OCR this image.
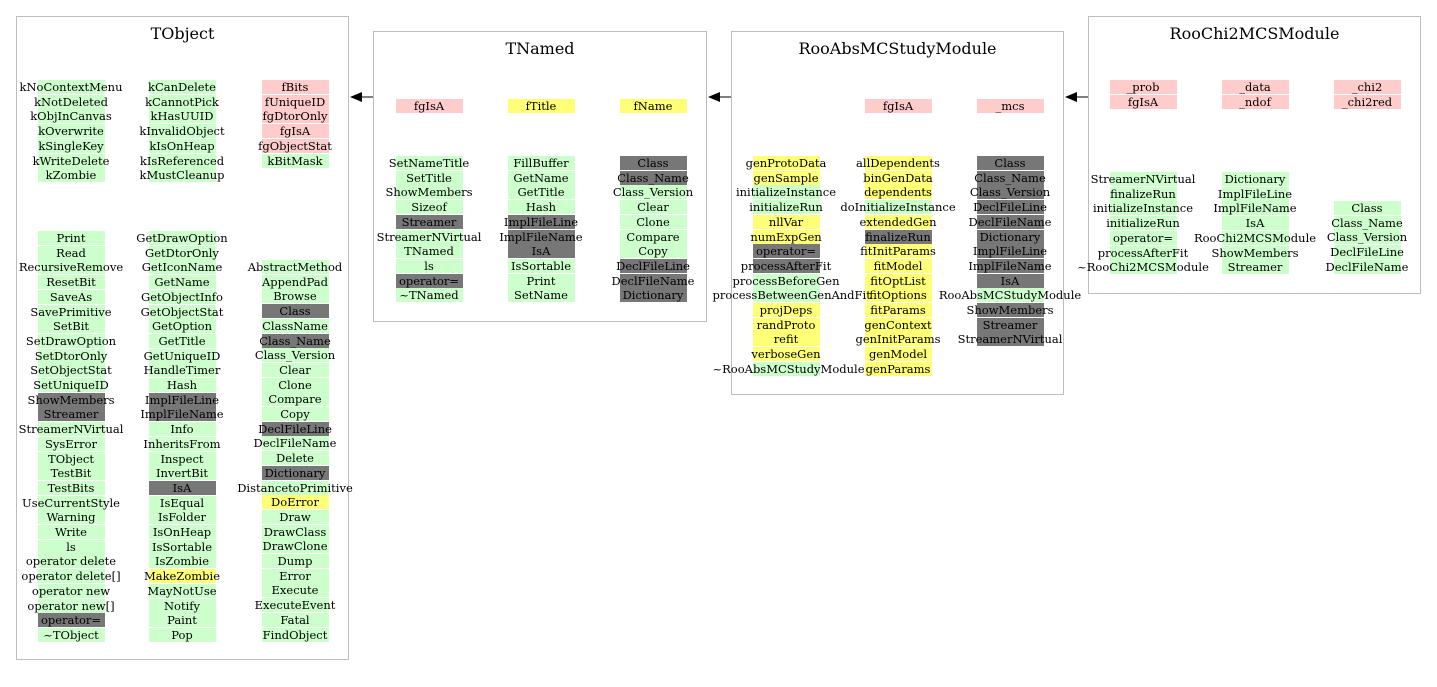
TObject
kNoContextMenu
kNotDeleted
kObjInCanvas
kOverwrite
kSingleKey
kWriteDelete
kZombie
Print
Read
RecursiveRemove
ResetBit
SaveAs
SavePrimitive
SetBit
SetDrawOption
SetDtorOnly
SetObjectStat
SetUniqueID
ShowMembers
Streamer
StreamerNVirtual
SysError
TObject
TestBit
TestBits
UseCurrentStyle
Warning
Write
ls
operator delete
operator delete[]
operator new
operator new[]
operator=
~TObject
kCanDelete
kCannotPick
kHasUUID
kInvalidObject
kIsOnHeap
kIsReferenced
kMustCleanup
GetDrawOption
GetDtorOnly
GetIconName
GetName
GetObjectInfo
GetObjectStat
GetOption
GetTitle
GetUniqueID
HandleTimer
Hash
ImplFileLine
ImplFileName
Info
InheritsFrom
Inspect
InvertBit
IsA
IsEqual
IsFolder
IsOnHeap
IsSortable
IsZombie
MakeZombie
MayNotUse
Notify
Paint
Pop
fBits
fUniqueID
fgDtorOnly
fgIsA
fgObjectStat
kBitMask
AbstractMethod
AppendPad
Browse
Class
ClassName
Class_Name
Class_Version
Clear
Clone
Compare
Copy
DeclFileLine
DeclFileName
Delete
Dictionary
DistancetoPrimitive
DoError
Draw
DrawClass
DrawClone
Dump
Error
Execute
ExecuteEvent
Fatal
FindObject
TNamed
fgIsA
SetNameTitle
SetTitle
ShowMembers
Sizeof
Streamer
StreamerNVirtual
TNamed
ls
operator=
~TNamed
fTitle
FillBuffer
GetName
GetTitle
Hash
ImplFileLine
ImplFileName
IsA
IsSortable
Print
SetName
fName
Class
Class_Name
Class_Version
Clear
Clone
Compare
Copy
DeclFileLine
DeclFileName
Dictionary
RooAbsMCStudyModule
genProtoData
genSample
initializeInstance
initializeRun
nllVar
numExpGen
operator=
processAfterFit
processBeforeGen
processBetweenGenAndFit
projDeps
randProto
refit
verboseGen
~RooAbsMCStudyModule
fgIsA
allDependents
binGenData
dependents
doInitializeInstance
extendedGen
finalizeRun
fitInitParams
fitModel
fitOptList
fitOptions
fitParams
genContext
genInitParams
genModel
genParams
_mcs
Class
Class_Name
Class_Version
DeclFileLine
DeclFileName
Dictionary
ImplFileLine
ImplFileName
IsA
RooAbsMCStudyModule
ShowMembers
Streamer
StreamerNVirtual
RooChi2MCSModule
_prob
fgIsA
StreamerNVirtual
finalizeRun
initializeInstance
initializeRun
operator=
processAfterFit
~RooChi2MCSModule
_data
_ndof
Dictionary
ImplFileLine
ImplFileName
IsA
RooChi2MCSModule
ShowMembers
Streamer
_chi2
_chi2red
Class
Class_Name
Class_Version
DeclFileLine
DeclFileName
